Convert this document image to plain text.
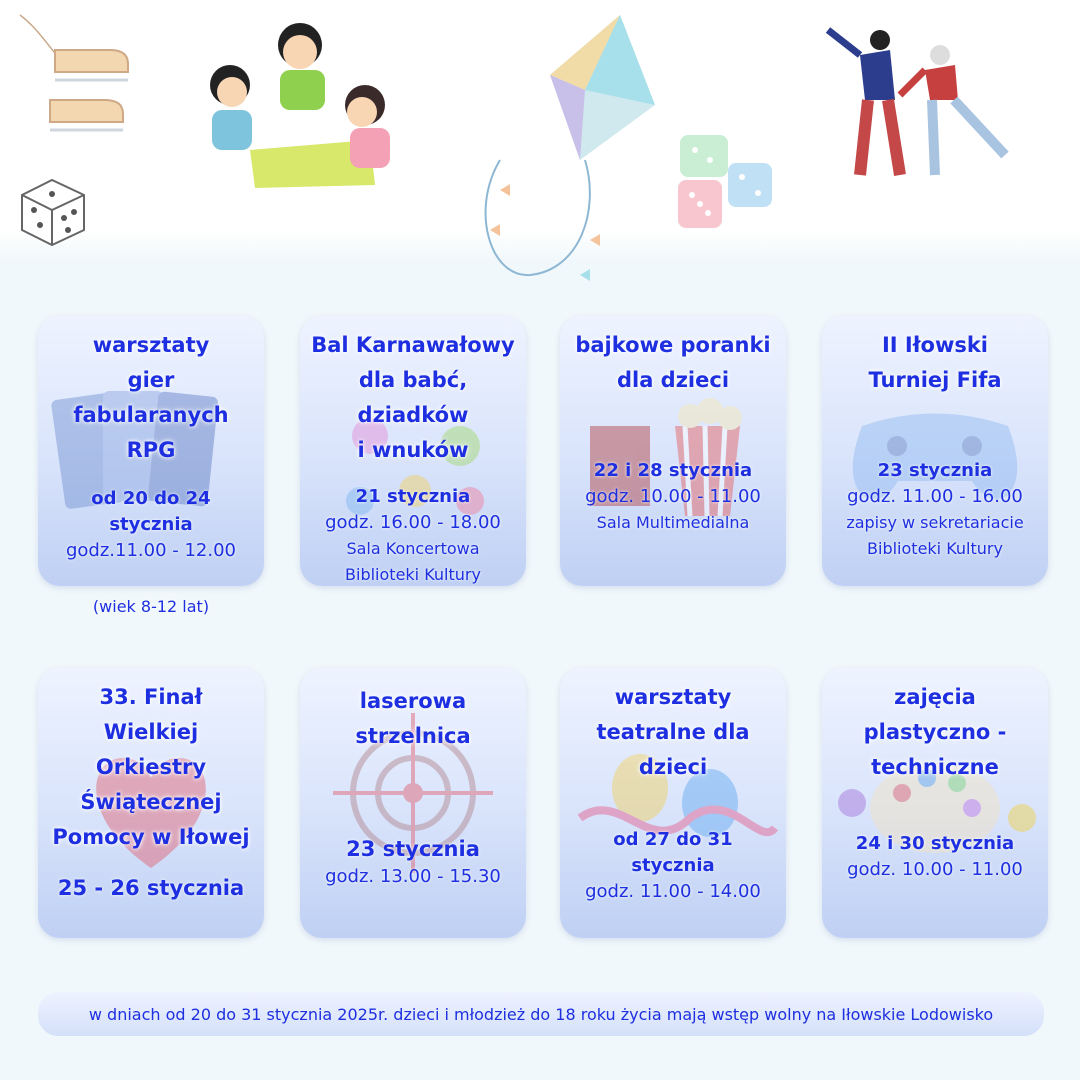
warsztaty
gier fabularanych
RPG
od 20 do 24 stycznia
godz.11.00 - 12.00
(wiek 8-12 lat)
Bal Karnawałowy
dla babć, dziadków
i wnuków
21 stycznia
godz. 16.00 - 18.00
Sala Koncertowa
Biblioteki Kultury
bajkowe poranki
dla dzieci
22 i 28 stycznia
godz. 10.00 - 11.00
Sala Multimedialna
II Iłowski
Turniej Fifa
23 stycznia
godz. 11.00 - 16.00
zapisy w sekretariacie
Biblioteki Kultury
33. Finał
Wielkiej Orkiestry
Świątecznej
Pomocy w Iłowej
25 - 26 stycznia
laserowa
strzelnica
23 stycznia
godz. 13.00 - 15.30
warsztaty
teatralne dla
dzieci
od 27 do 31 stycznia
godz. 11.00 - 14.00
zajęcia
plastyczno -
techniczne
24 i 30 stycznia
godz. 10.00 - 11.00
w dniach od 20 do 31 stycznia 2025r. dzieci i młodzież do 18 roku życia mają wstęp wolny na Iłowskie Lodowisko
